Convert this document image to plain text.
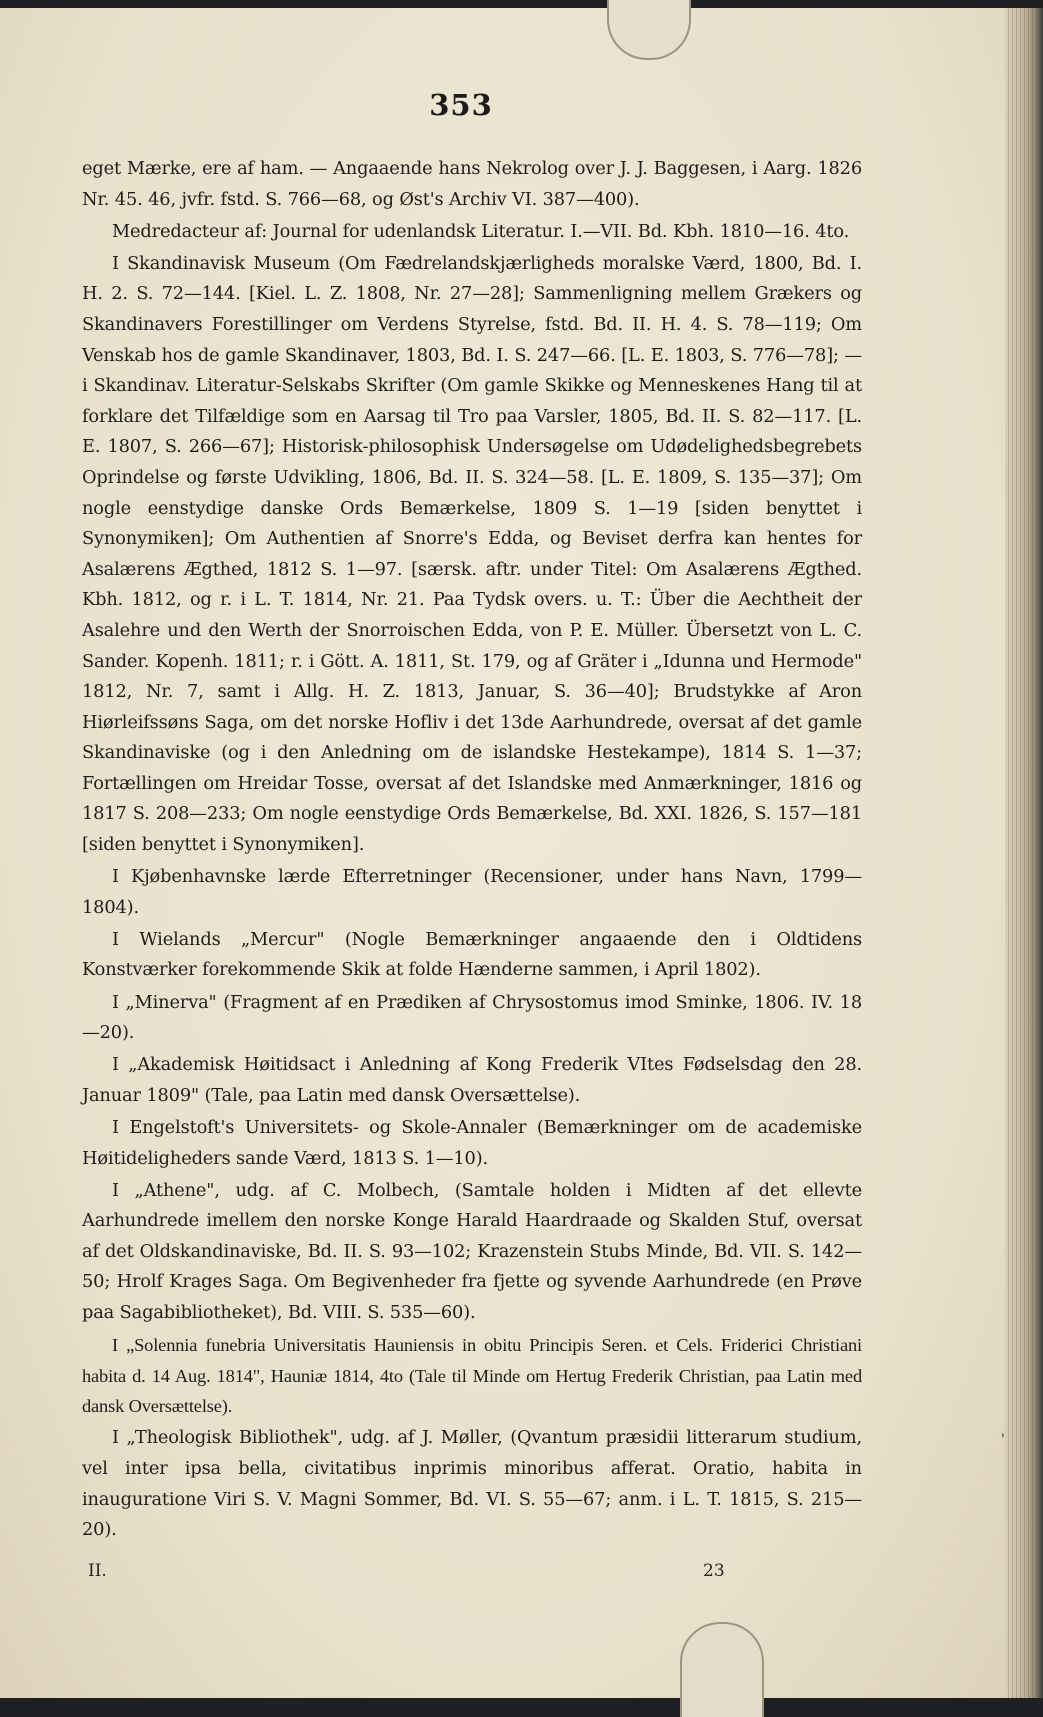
353

eget Mærke, ere af ham. — Angaaende hans Nekrolog over J. J. Baggesen, i Aarg. 1826 Nr. 45. 46, jvfr. fstd. S. 766—68, og Øst's Archiv VI. 387—400).

Medredacteur af: Journal for udenlandsk Literatur. I.—VII. Bd. Kbh. 1810—16. 4to.

I Skandinavisk Museum (Om Fædrelandskjærligheds moralske Værd, 1800, Bd. I. H. 2. S. 72—144. [Kiel. L. Z. 1808, Nr. 27—28]; Sammenligning mellem Grækers og Skandinavers Forestillinger om Verdens Styrelse, fstd. Bd. II. H. 4. S. 78—119; Om Venskab hos de gamle Skandinaver, 1803, Bd. I. S. 247—66. [L. E. 1803, S. 776—78]; — i Skandinav. Literatur-Selskabs Skrifter (Om gamle Skikke og Menneskenes Hang til at forklare det Tilfældige som en Aarsag til Tro paa Varsler, 1805, Bd. II. S. 82—117. [L. E. 1807, S. 266—67]; Historisk-philosophisk Undersøgelse om Udødelighedsbegrebets Oprindelse og første Udvikling, 1806, Bd. II. S. 324—58. [L. E. 1809, S. 135—37]; Om nogle eenstydige danske Ords Bemærkelse, 1809 S. 1—19 [siden benyttet i Synonymiken]; Om Authentien af Snorre's Edda, og Beviset derfra kan hentes for Asalærens Ægthed, 1812 S. 1—97. [særsk. aftr. under Titel: Om Asalærens Ægthed. Kbh. 1812, og r. i L. T. 1814, Nr. 21. Paa Tydsk overs. u. T.: Über die Aechtheit der Asalehre und den Werth der Snorroischen Edda, von P. E. Müller. Übersetzt von L. C. Sander. Kopenh. 1811; r. i Gött. A. 1811, St. 179, og af Gräter i „Idunna und Hermode" 1812, Nr. 7, samt i Allg. H. Z. 1813, Januar, S. 36—40]; Brudstykke af Aron Hiørleifssøns Saga, om det norske Hofliv i det 13de Aarhundrede, oversat af det gamle Skandinaviske (og i den Anledning om de islandske Hestekampe), 1814 S. 1—37; Fortællingen om Hreidar Tosse, oversat af det Islandske med Anmærkninger, 1816 og 1817 S. 208—233; Om nogle eenstydige Ords Bemærkelse, Bd. XXI. 1826, S. 157—181 [siden benyttet i Synonymiken].

I Kjøbenhavnske lærde Efterretninger (Recensioner, under hans Navn, 1799—1804).

I Wielands „Mercur" (Nogle Bemærkninger angaaende den i Oldtidens Konstværker forekommende Skik at folde Hænderne sammen, i April 1802).

I „Minerva" (Fragment af en Prædiken af Chrysostomus imod Sminke, 1806. IV. 18—20).

I „Akademisk Høitidsact i Anledning af Kong Frederik VItes Fødselsdag den 28. Januar 1809" (Tale, paa Latin med dansk Oversættelse).

I Engelstoft's Universitets- og Skole-Annaler (Bemærkninger om de academiske Høitideligheders sande Værd, 1813 S. 1—10).

I „Athene", udg. af C. Molbech, (Samtale holden i Midten af det ellevte Aarhundrede imellem den norske Konge Harald Haardraade og Skalden Stuf, oversat af det Oldskandinaviske, Bd. II. S. 93—102; Krazenstein Stubs Minde, Bd. VII. S. 142—50; Hrolf Krages Saga. Om Begivenheder fra fjette og syvende Aarhundrede (en Prøve paa Sagabibliotheket), Bd. VIII. S. 535—60).

I „Solennia funebria Universitatis Hauniensis in obitu Principis Seren. et Cels. Friderici Christiani habita d. 14 Aug. 1814", Hauniæ 1814, 4to (Tale til Minde om Hertug Frederik Christian, paa Latin med dansk Oversættelse).

I „Theologisk Bibliothek", udg. af J. Møller, (Qvantum præsidii litterarum studium, vel inter ipsa bella, civitatibus inprimis minoribus afferat. Oratio, habita in inauguratione Viri S. V. Magni Sommer, Bd. VI. S. 55—67; anm. i L. T. 1815, S. 215—20).

II.	23
'
